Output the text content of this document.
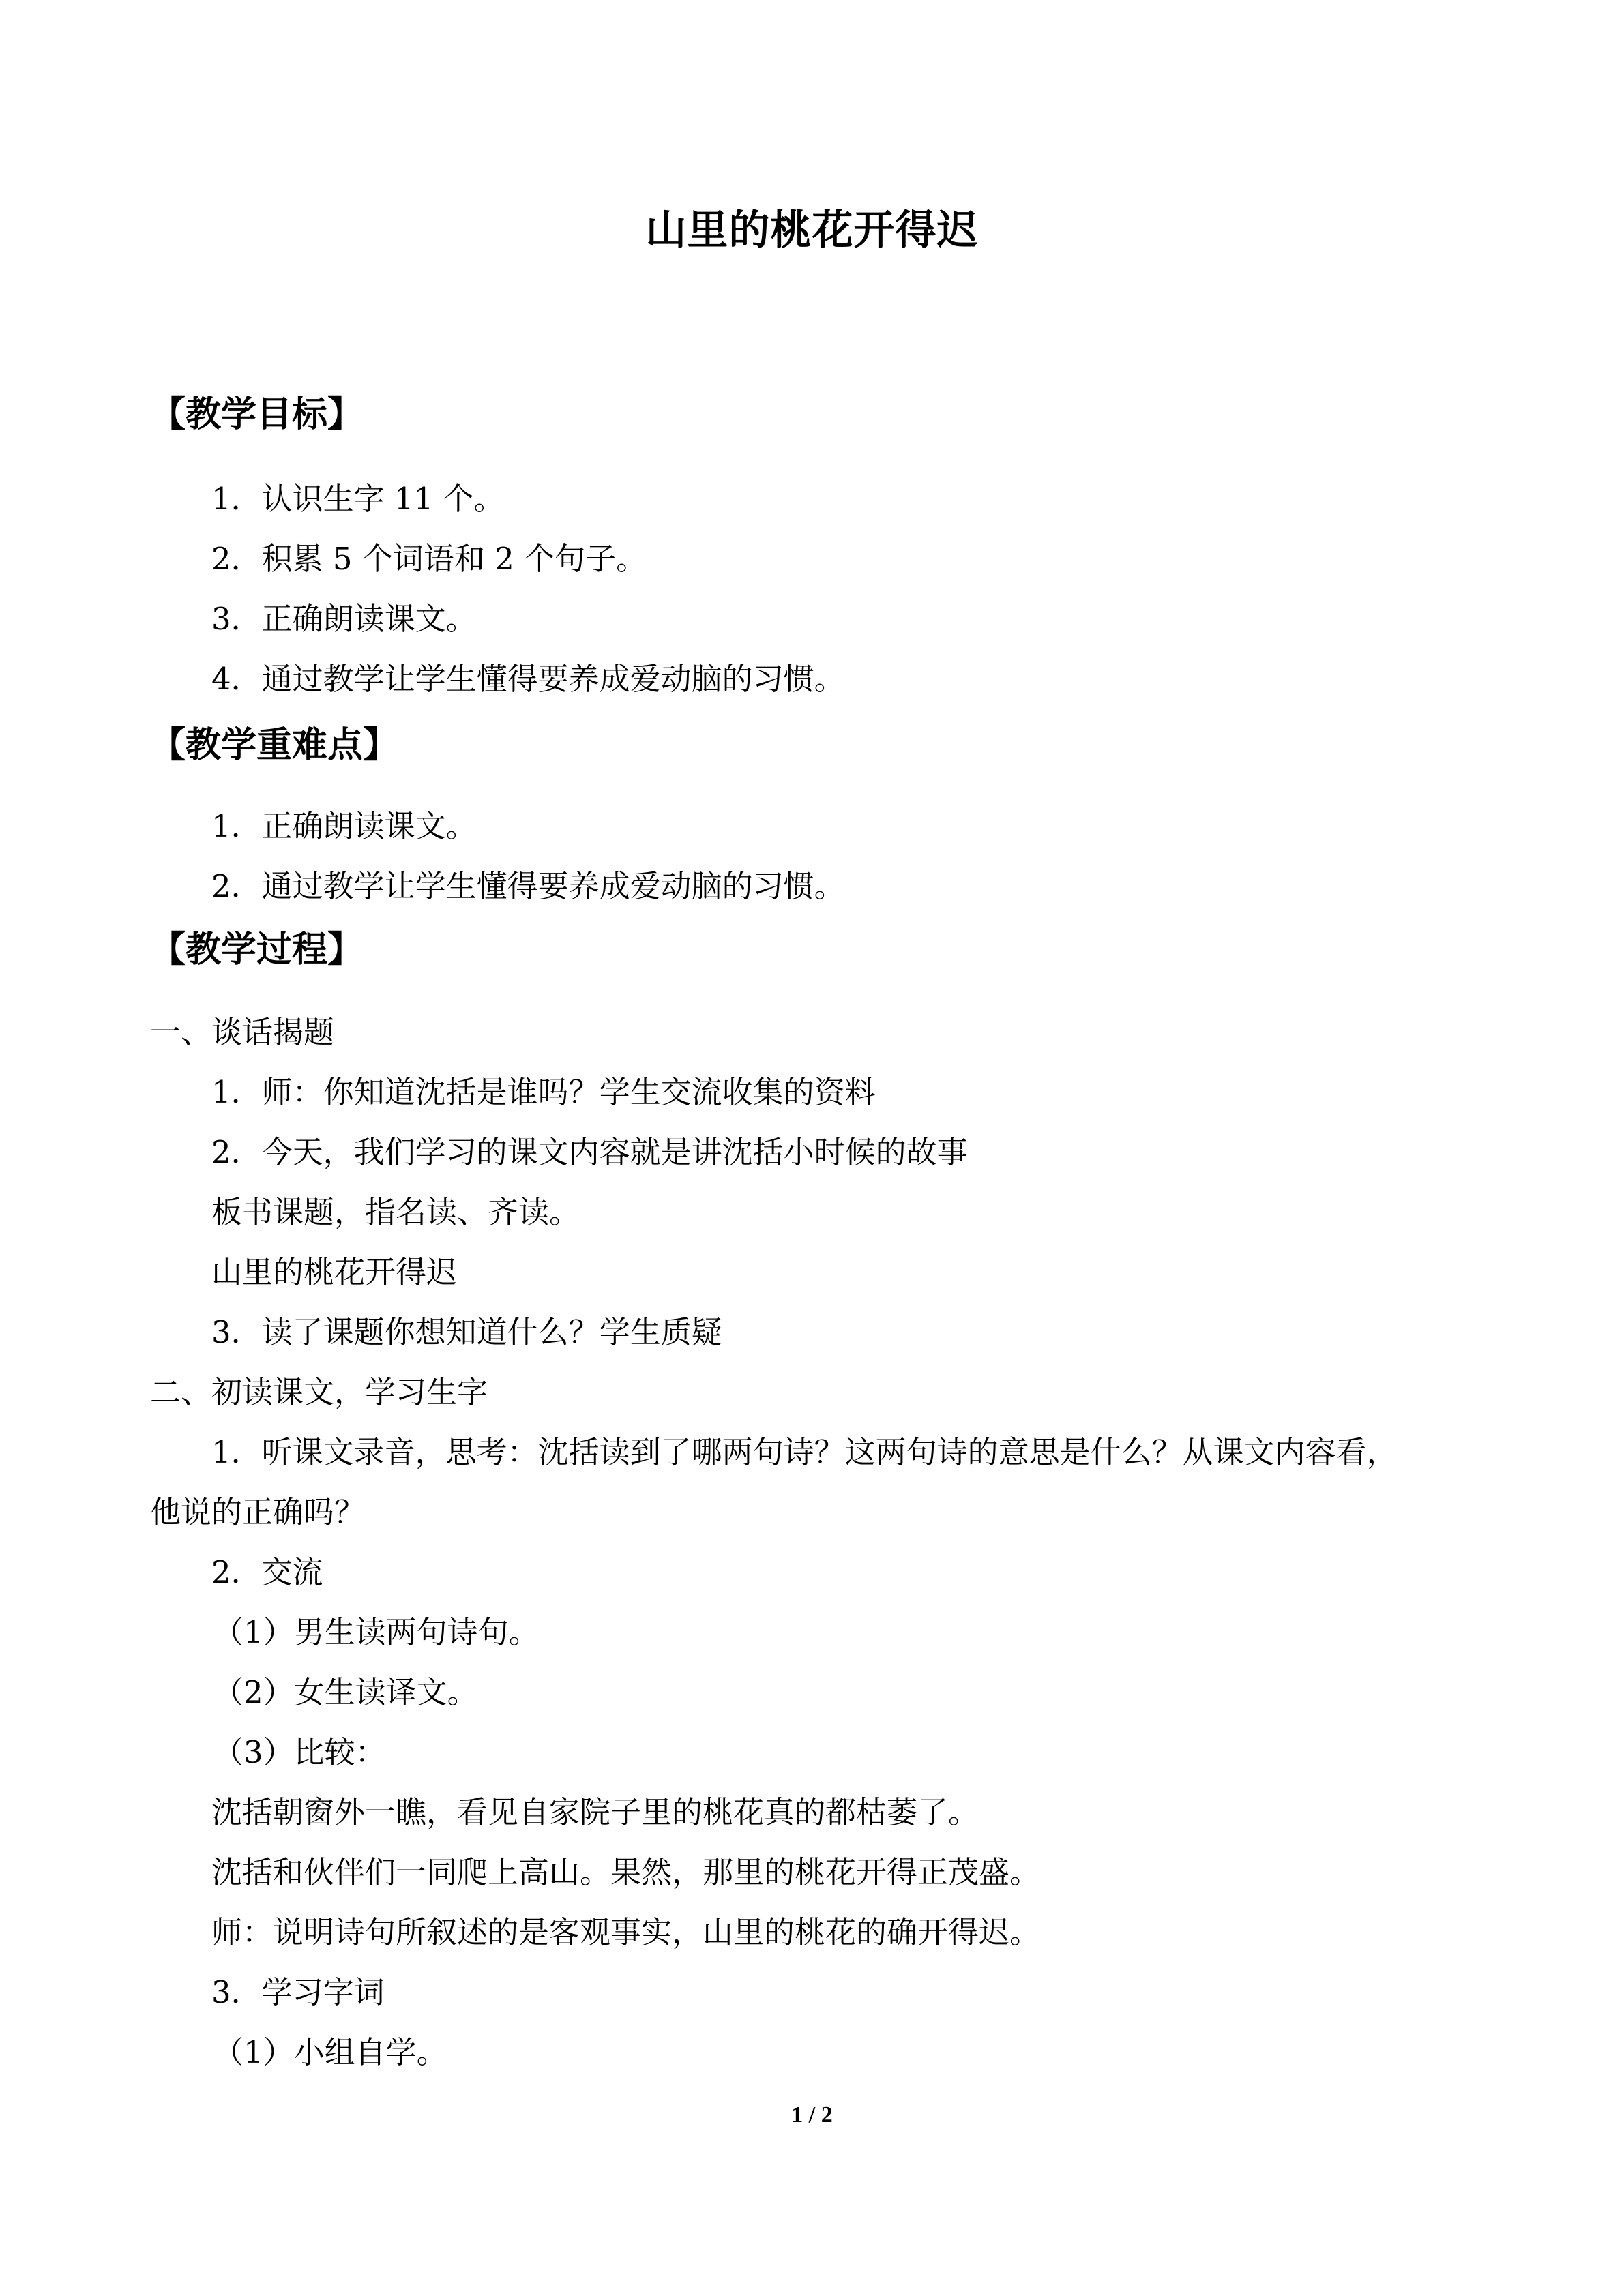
山里的桃花开得迟
【教学目标】
1．认识生字 11 个。
2．积累 5 个词语和 2 个句子。
3．正确朗读课文。
4．通过教学让学生懂得要养成爱动脑的习惯。
【教学重难点】
1．正确朗读课文。
2．通过教学让学生懂得要养成爱动脑的习惯。
【教学过程】
一、谈话揭题
1．师：你知道沈括是谁吗？学生交流收集的资料
2．今天，我们学习的课文内容就是讲沈括小时候的故事
板书课题，指名读、齐读。
山里的桃花开得迟
3．读了课题你想知道什么？学生质疑
二、初读课文，学习生字
1．听课文录音，思考：沈括读到了哪两句诗？这两句诗的意思是什么？从课文内容看，
他说的正确吗？
2．交流
（1）男生读两句诗句。
（2）女生读译文。
（3）比较：
沈括朝窗外一瞧，看见自家院子里的桃花真的都枯萎了。
沈括和伙伴们一同爬上高山。果然，那里的桃花开得正茂盛。
师：说明诗句所叙述的是客观事实，山里的桃花的确开得迟。
3．学习字词
（1）小组自学。
1 / 2
